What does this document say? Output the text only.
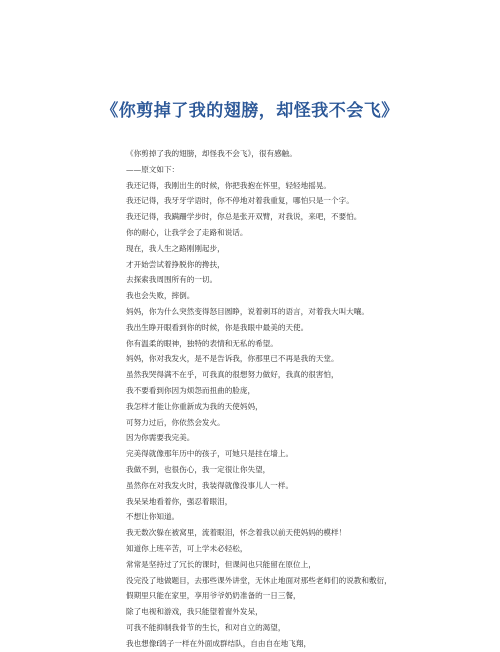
《你剪掉了我的翅膀，却怪我不会飞》
《你剪掉了我的翅膀，却怪我不会飞》，很有感触。
——原文如下：
我还记得，我刚出生的时候，你把我抱在怀里，轻轻地摇晃。
我还记得，我牙牙学语时，你不停地对着我重复，哪怕只是一个字。
我还记得，我蹒跚学步时，你总是张开双臂，对我说，来吧，不要怕。
你的耐心，让我学会了走路和说话。
现在，我人生之路刚刚起步，
才开始尝试着挣脱你的搀扶，
去探索我周围所有的一切。
我也会失败，摔倒。
妈妈，你为什么突然变得怒目圆睁，说着刺耳的语言，对着我大叫大嚷。
我出生睁开眼看到你的时候，你是我眼中最美的天使。
你有温柔的眼神，独特的表情和无私的希望。
妈妈，你对我发火，是不是告诉我，你那里已不再是我的天堂。
虽然我哭得满不在乎，可我真的很想努力做好，我真的很害怕，
我不要看到你因为烦怨而扭曲的脸庞，
我怎样才能让你重新成为我的天使妈妈，
可努力过后，你依然会发火。
因为你需要我完美。
完美得就像那年历中的孩子，可她只是挂在墙上。
我做不到，也很伤心，我一定很让你失望，
虽然你在对我发火时，我装得就像没事儿人一样。
我呆呆地看着你，强忍着眼泪，
不想让你知道。
我无数次躲在被窝里，流着眼泪，怀念着我以前天使妈妈的模样！
知道你上班辛苦，可上学未必轻松，
常常是坚持过了冗长的课时，但课间也只能留在原位上，
没完没了地做题目，去那些课外讲堂，无休止地面对那些老师们的说教和敷衍，
假期里只能在家里，享用爷爷奶奶准备的一日三餐，
除了电视和游戏，我只能望着窗外发呆，
可我不能抑制我骨节的生长，和对自立的渴望，
我也想像f鸽子一样在外面成群结队，自由自在地飞翔，
